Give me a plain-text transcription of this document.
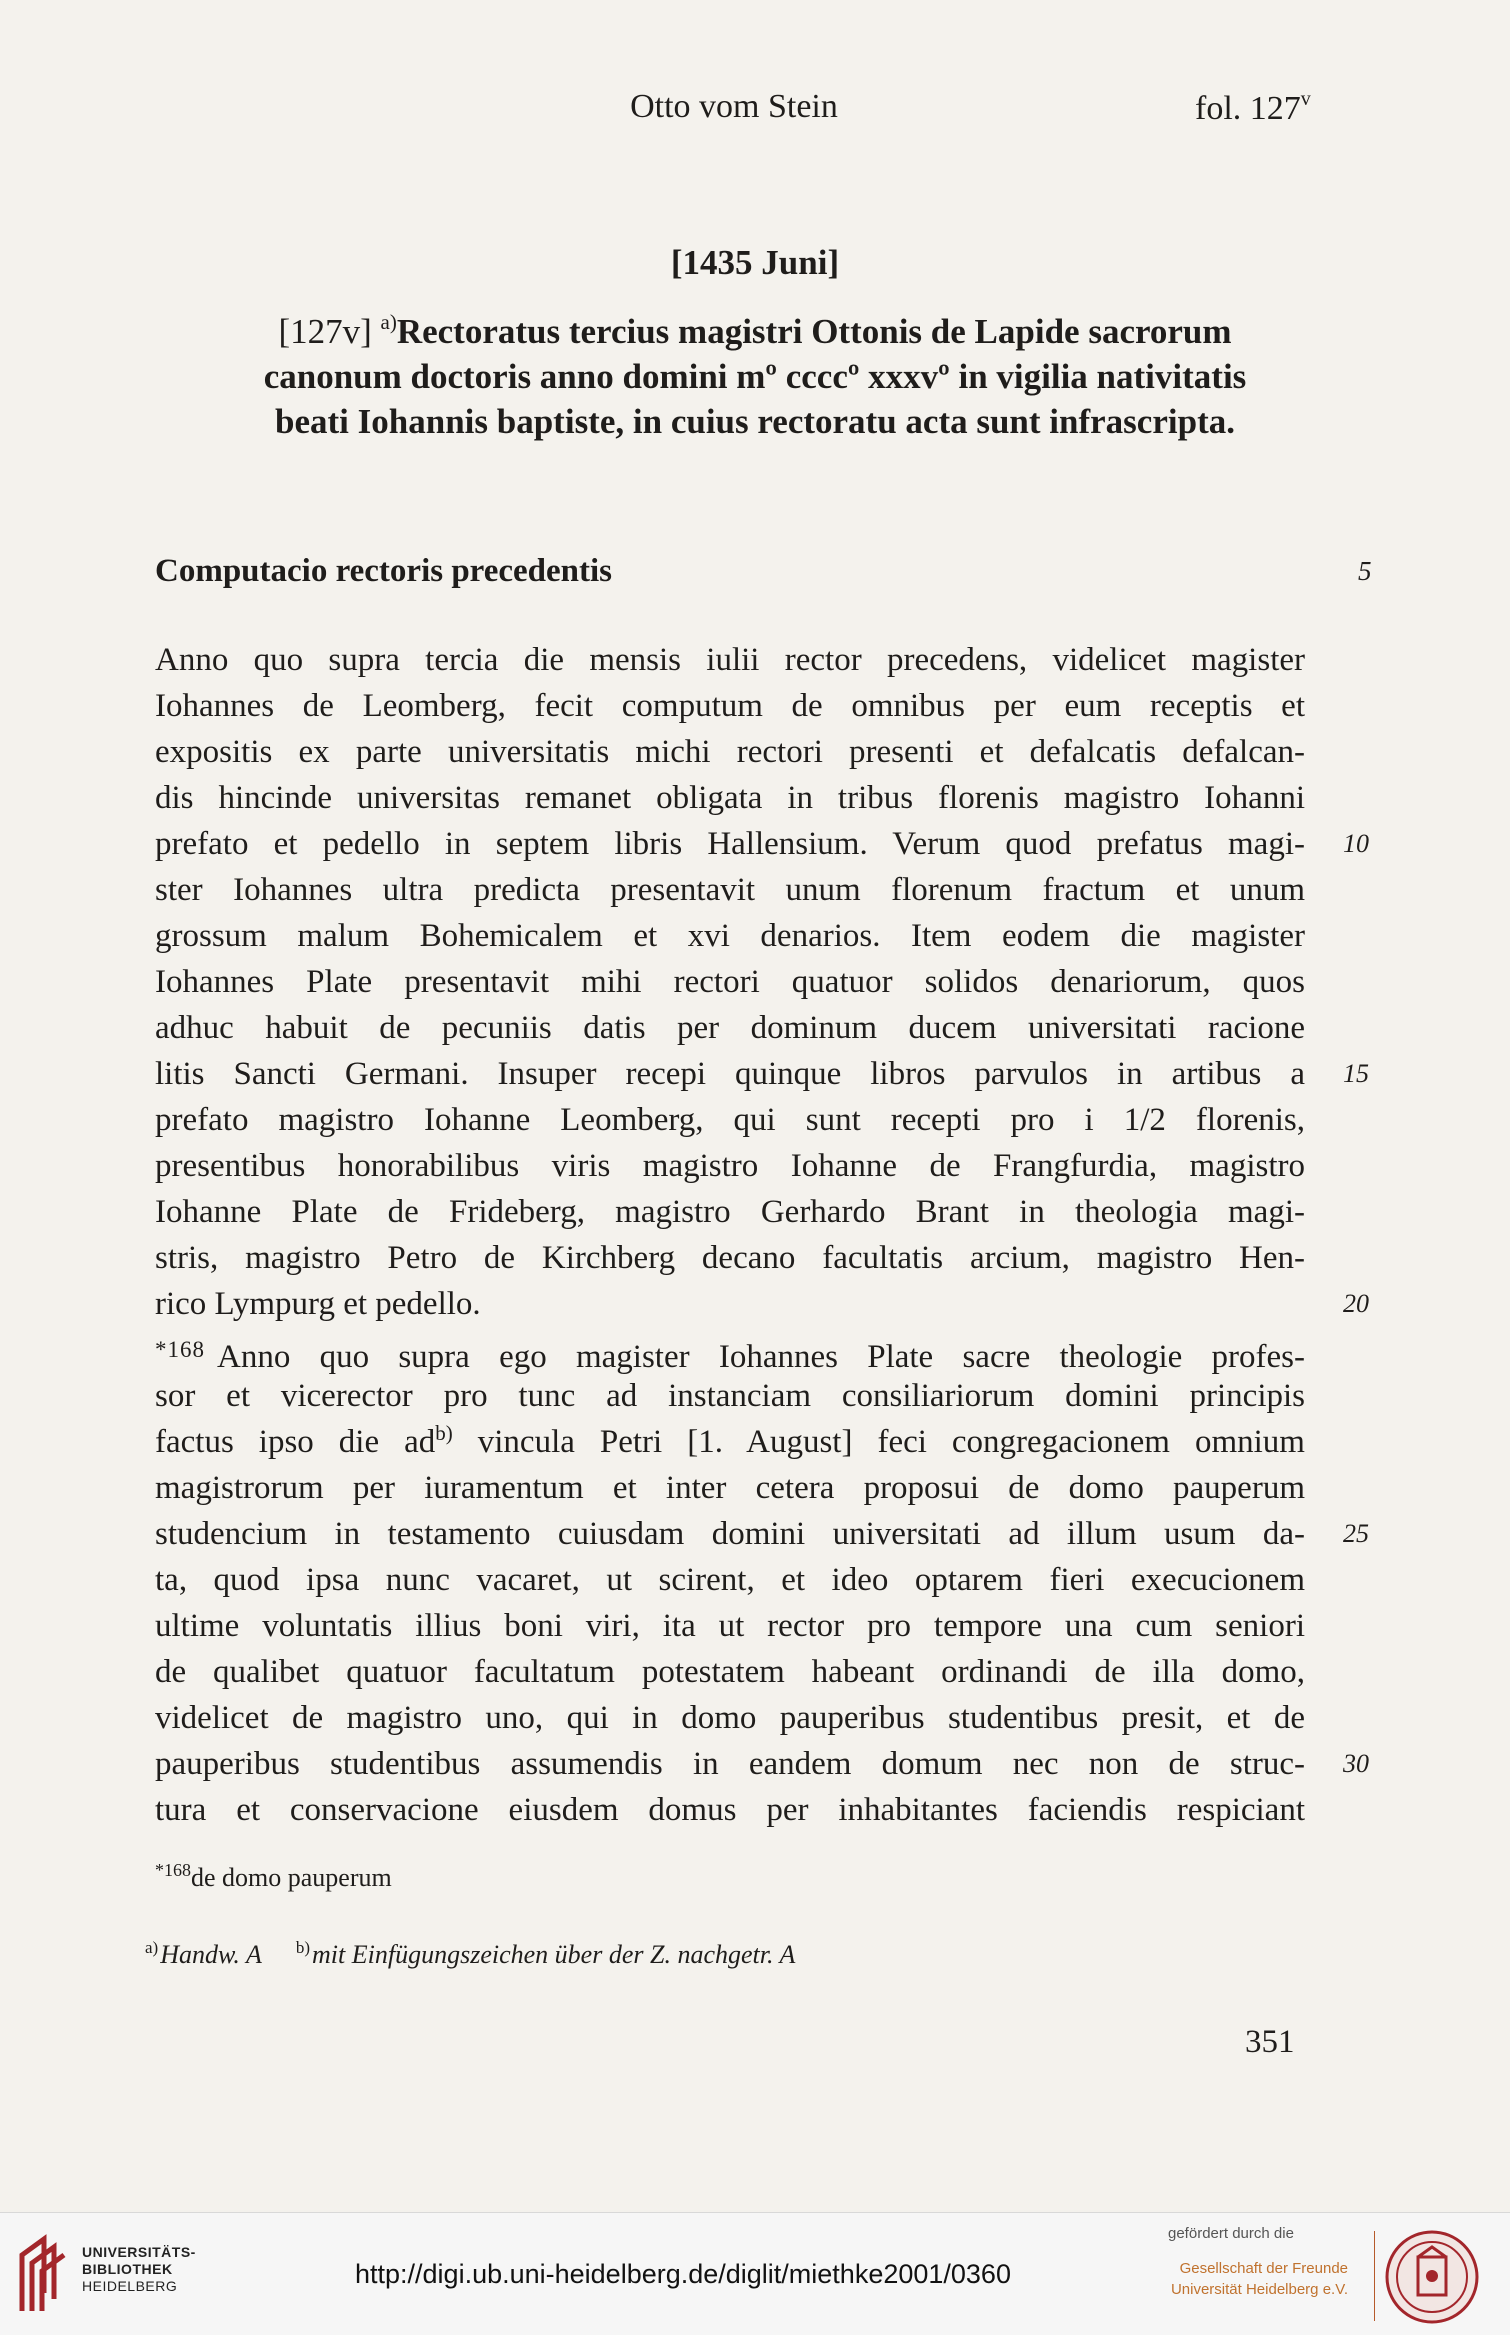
Otto vom Stein	fol. 127$^v$
[1435 Juni]
[127v] $^{a)}$Rectoratus tercius magistri Ottonis de Lapide sacrorum
canonum doctoris anno domini mº ccccº xxxvº in vigilia nativitatis
beati Iohannis baptiste, in cuius rectoratu acta sunt infrascripta.
Computacio rectoris precedentis	5
Anno quo supra tercia die mensis iulii rector precedens, videlicet magister
Iohannes de Leomberg, fecit computum de omnibus per eum receptis et
expositis ex parte universitatis michi rectori presenti et defalcatis defalcan-
dis hincinde universitas remanet obligata in tribus florenis magistro Iohanni
prefato et pedello in septem libris Hallensium. Verum quod prefatus magi- 10
ster Iohannes ultra predicta presentavit unum florenum fractum et unum
grossum malum Bohemicalem et xvi denarios. Item eodem die magister
Iohannes Plate presentavit mihi rectori quatuor solidos denariorum, quos
adhuc habuit de pecuniis datis per dominum ducem universitati racione
litis Sancti Germani. Insuper recepi quinque libros parvulos in artibus a 15
prefato magistro Iohanne Leomberg, qui sunt recepti pro i 1/2 florenis,
presentibus honorabilibus viris magistro Iohanne de Frangfurdia, magistro
Iohanne Plate de Frideberg, magistro Gerhardo Brant in theologia magi-
stris, magistro Petro de Kirchberg decano facultatis arcium, magistro Hen-
rico Lympurg et pedello.	20
$^{*168}$ Anno quo supra ego magister Iohannes Plate sacre theologie profes-
sor et vicerector pro tunc ad instanciam consiliariorum domini principis
factus ipso die $ad^{b)}$ vincula Petri [1. August] feci congregacionem omnium
magistrorum per iuramentum et inter cetera proposui de domo pauperum
studencium in testamento cuiusdam domini universitati ad illum usum da- 25
ta, quod ipsa nunc vacaret, ut scirent, et ideo optarem fieri execucionem
ultime voluntatis illius boni viri, ita ut rector pro tempore una cum seniori
de qualibet quatuor facultatum potestatem habeant ordinandi de illa domo,
videlicet de magistro uno, qui in domo pauperibus studentibus presit, et de
pauperibus studentibus assumendis in eandem domum nec non de struc- 30
tura et conservacione eiusdem domus per inhabitantes faciendis respiciant
$^{*168}$de domo pauperum
$^{a)}$Handw. A $^{b)}$mit Einfügungszeichen über der Z. nachgetr. A
351
UNIVERSITÄTS-
BIBLIOTHEK
HEIDELBERG	http://digi.ub.uni-heidelberg.de/diglit/miethke2001/0360
gefördert durch die
Gesellschaft der Freunde
Universität Heidelberg e.V.
